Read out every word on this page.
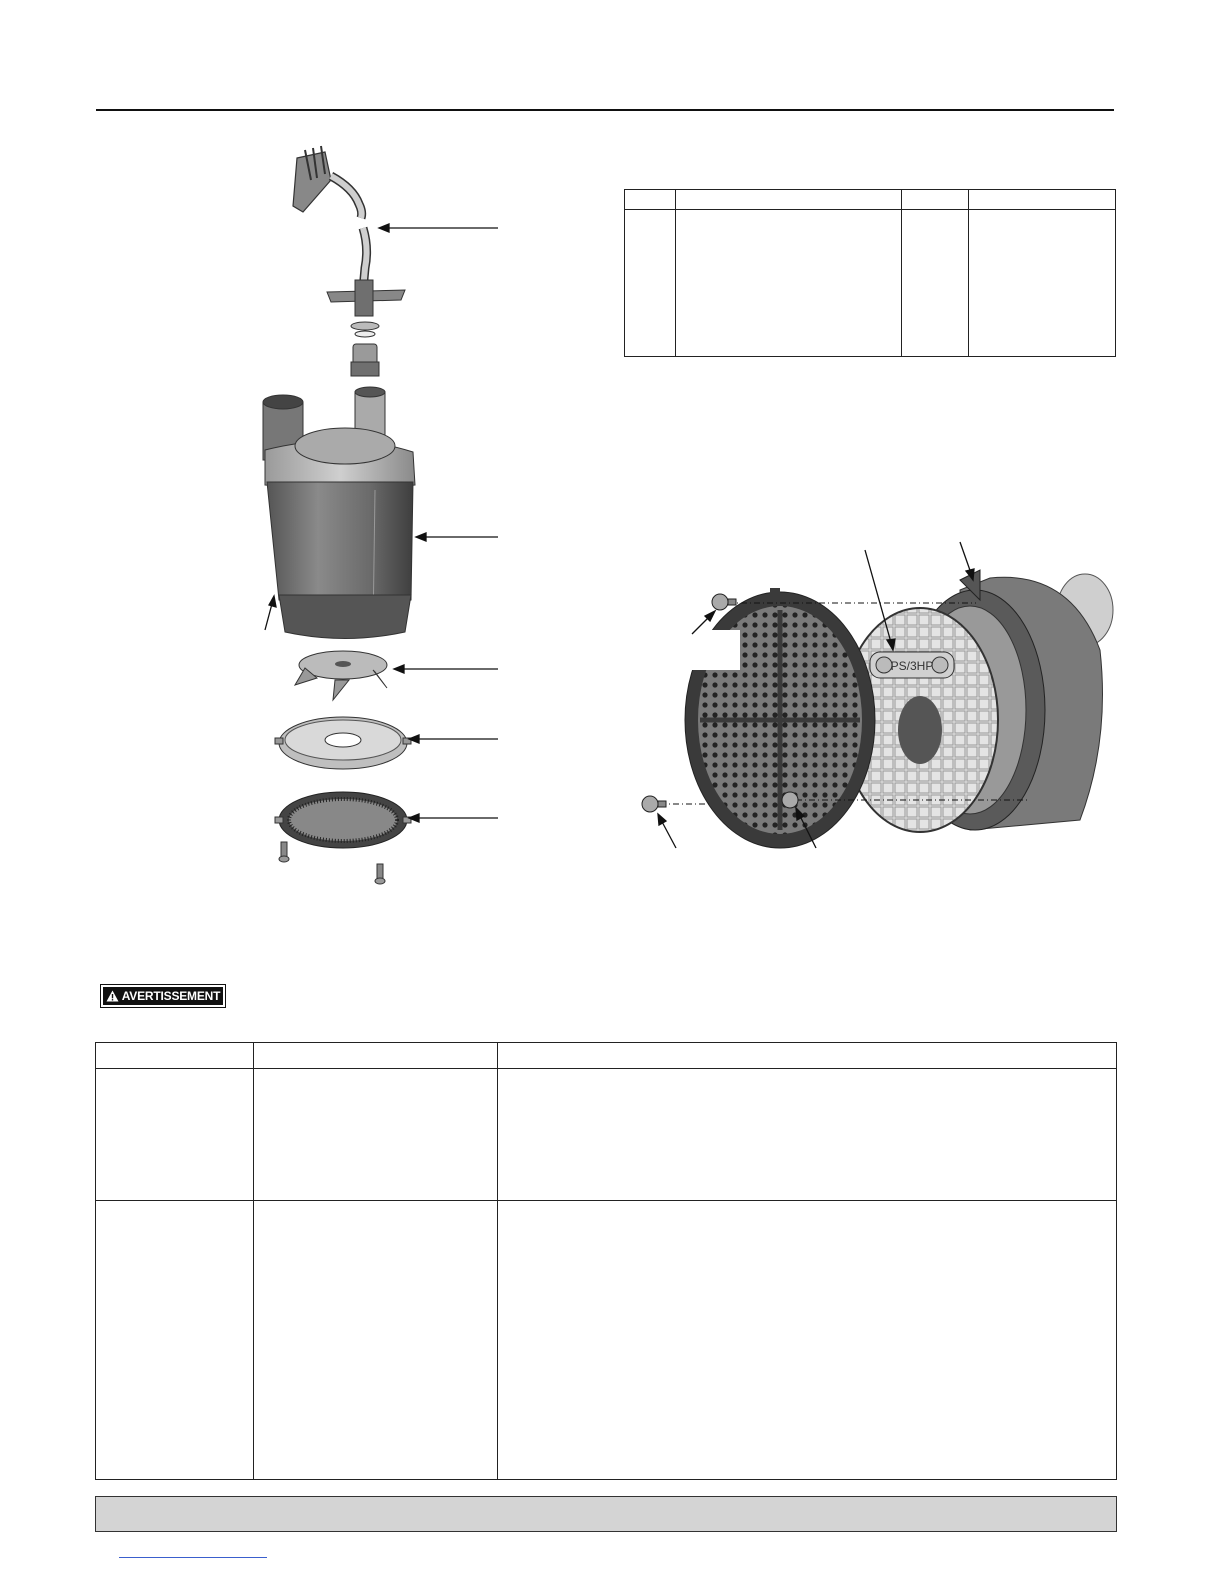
PS/3HP
AVERTISSEMENT
